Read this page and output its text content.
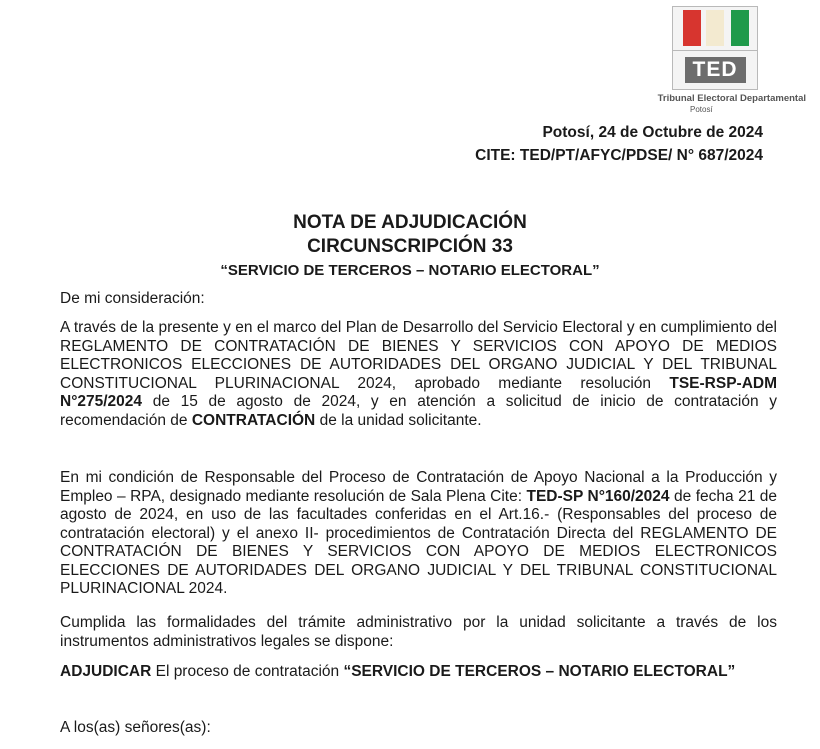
TED
Tribunal Electoral Departamental
Potosí
Potosí, 24 de Octubre de 2024
CITE: TED/PT/AFYC/PDSE/ N° 687/2024
NOTA DE ADJUDICACIÓN
CIRCUNSCRIPCIÓN 33
“SERVICIO DE TERCEROS – NOTARIO ELECTORAL”
De mi consideración:
A través de la presente y en el marco del Plan de Desarrollo del Servicio Electoral y en cumplimiento del REGLAMENTO DE CONTRATACIÓN DE BIENES Y SERVICIOS CON APOYO DE MEDIOS ELECTRONICOS ELECCIONES DE AUTORIDADES DEL ORGANO JUDICIAL Y DEL TRIBUNAL CONSTITUCIONAL PLURINACIONAL 2024, aprobado mediante resolución TSE-RSP-ADM N°275/2024 de 15 de agosto de 2024, y en atención a solicitud de inicio de contratación y recomendación de CONTRATACIÓN de la unidad solicitante.
En mi condición de Responsable del Proceso de Contratación de Apoyo Nacional a la Producción y Empleo – RPA, designado mediante resolución de Sala Plena Cite: TED-SP N°160/2024 de fecha 21 de agosto de 2024, en uso de las facultades conferidas en el Art.16.- (Responsables del proceso de contratación electoral) y el anexo II- procedimientos de Contratación Directa del REGLAMENTO DE CONTRATACIÓN DE BIENES Y SERVICIOS CON APOYO DE MEDIOS ELECTRONICOS ELECCIONES DE AUTORIDADES DEL ORGANO JUDICIAL Y DEL TRIBUNAL CONSTITUCIONAL PLURINACIONAL 2024.
Cumplida las formalidades del trámite administrativo por la unidad solicitante a través de los instrumentos administrativos legales se dispone:
ADJUDICAR El proceso de contratación “SERVICIO DE TERCEROS – NOTARIO ELECTORAL”
A los(as) señores(as):
